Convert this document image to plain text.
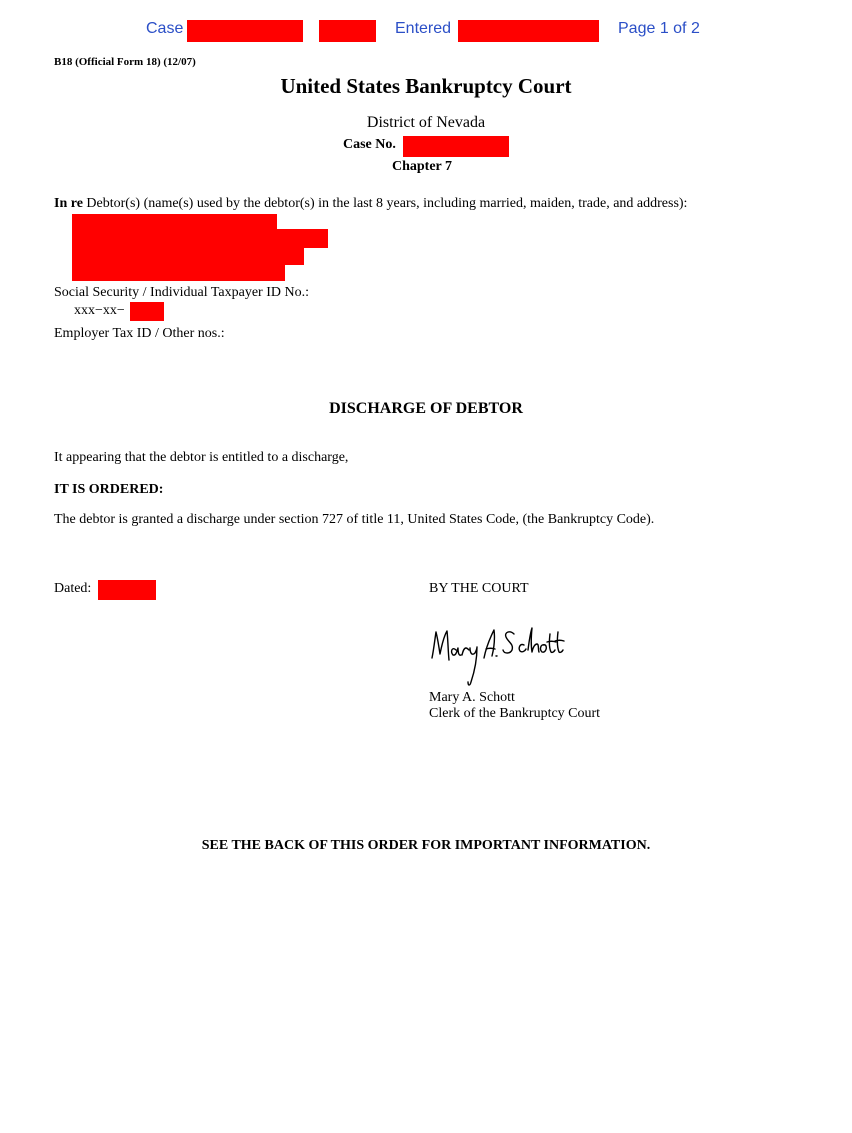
Case	Entered	Page 1 of 2
B18 (Official Form 18) (12/07)
United States Bankruptcy Court
District of Nevada
Case No.
Chapter 7
In re Debtor(s) (name(s) used by the debtor(s) in the last 8 years, including married, maiden, trade, and address):
Social Security / Individual Taxpayer ID No.:
xxx−xx−
Employer Tax ID / Other nos.:
DISCHARGE OF DEBTOR
It appearing that the debtor is entitled to a discharge,
IT IS ORDERED:
The debtor is granted a discharge under section 727 of title 11, United States Code, (the Bankruptcy Code).
Dated:	BY THE COURT
Mary A. Schott
Clerk of the Bankruptcy Court
SEE THE BACK OF THIS ORDER FOR IMPORTANT INFORMATION.
